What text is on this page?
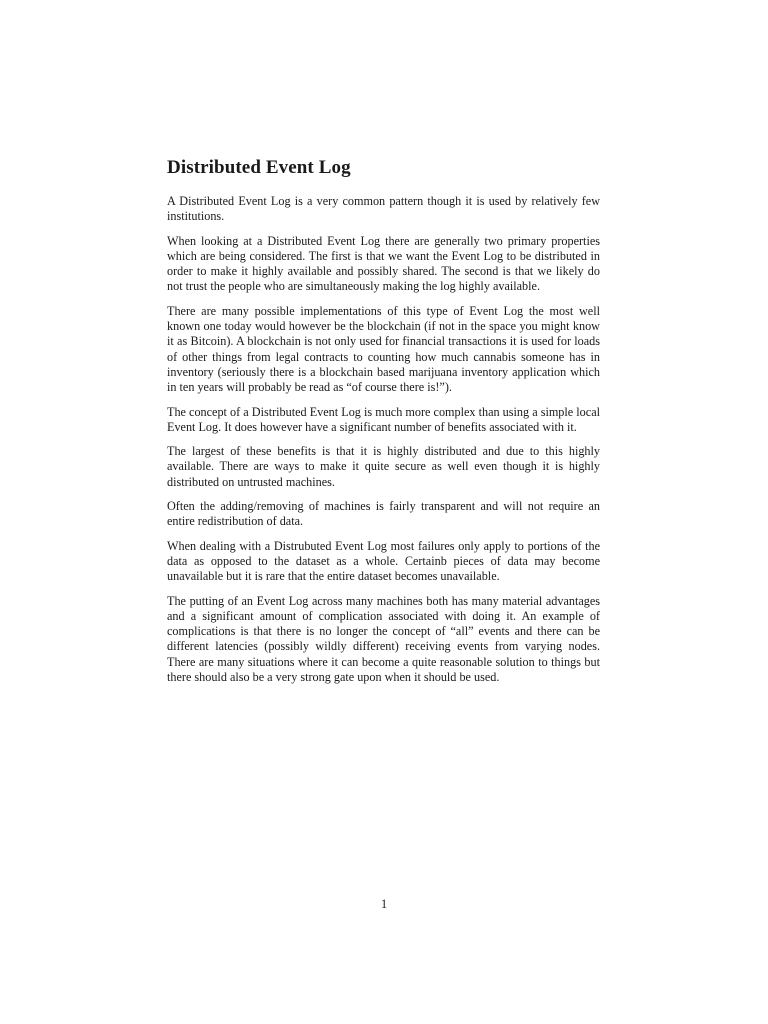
Distributed Event Log

A Distributed Event Log is a very common pattern though it is used by relatively few institutions.

When looking at a Distributed Event Log there are generally two primary properties which are being considered. The first is that we want the Event Log to be distributed in order to make it highly available and possibly shared. The second is that we likely do not trust the people who are simultaneously making the log highly available.

There are many possible implementations of this type of Event Log the most well known one today would however be the blockchain (if not in the space you might know it as Bitcoin). A blockchain is not only used for financial transactions it is used for loads of other things from legal contracts to counting how much cannabis someone has in inventory (seriously there is a blockchain based marijuana inventory application which in ten years will probably be read as “of course there is!”).

The concept of a Distributed Event Log is much more complex than using a simple local Event Log. It does however have a significant number of benefits associated with it.

The largest of these benefits is that it is highly distributed and due to this highly available. There are ways to make it quite secure as well even though it is highly distributed on untrusted machines.

Often the adding/removing of machines is fairly transparent and will not require an entire redistribution of data.

When dealing with a Distrubuted Event Log most failures only apply to portions of the data as opposed to the dataset as a whole. Certainb pieces of data may become unavailable but it is rare that the entire dataset becomes unavailable.

The putting of an Event Log across many machines both has many material advantages and a significant amount of complication associated with doing it. An example of complications is that there is no longer the concept of “all” events and there can be different latencies (possibly wildly different) receiving events from varying nodes. There are many situations where it can become a quite reasonable solution to things but there should also be a very strong gate upon when it should be used.

1
